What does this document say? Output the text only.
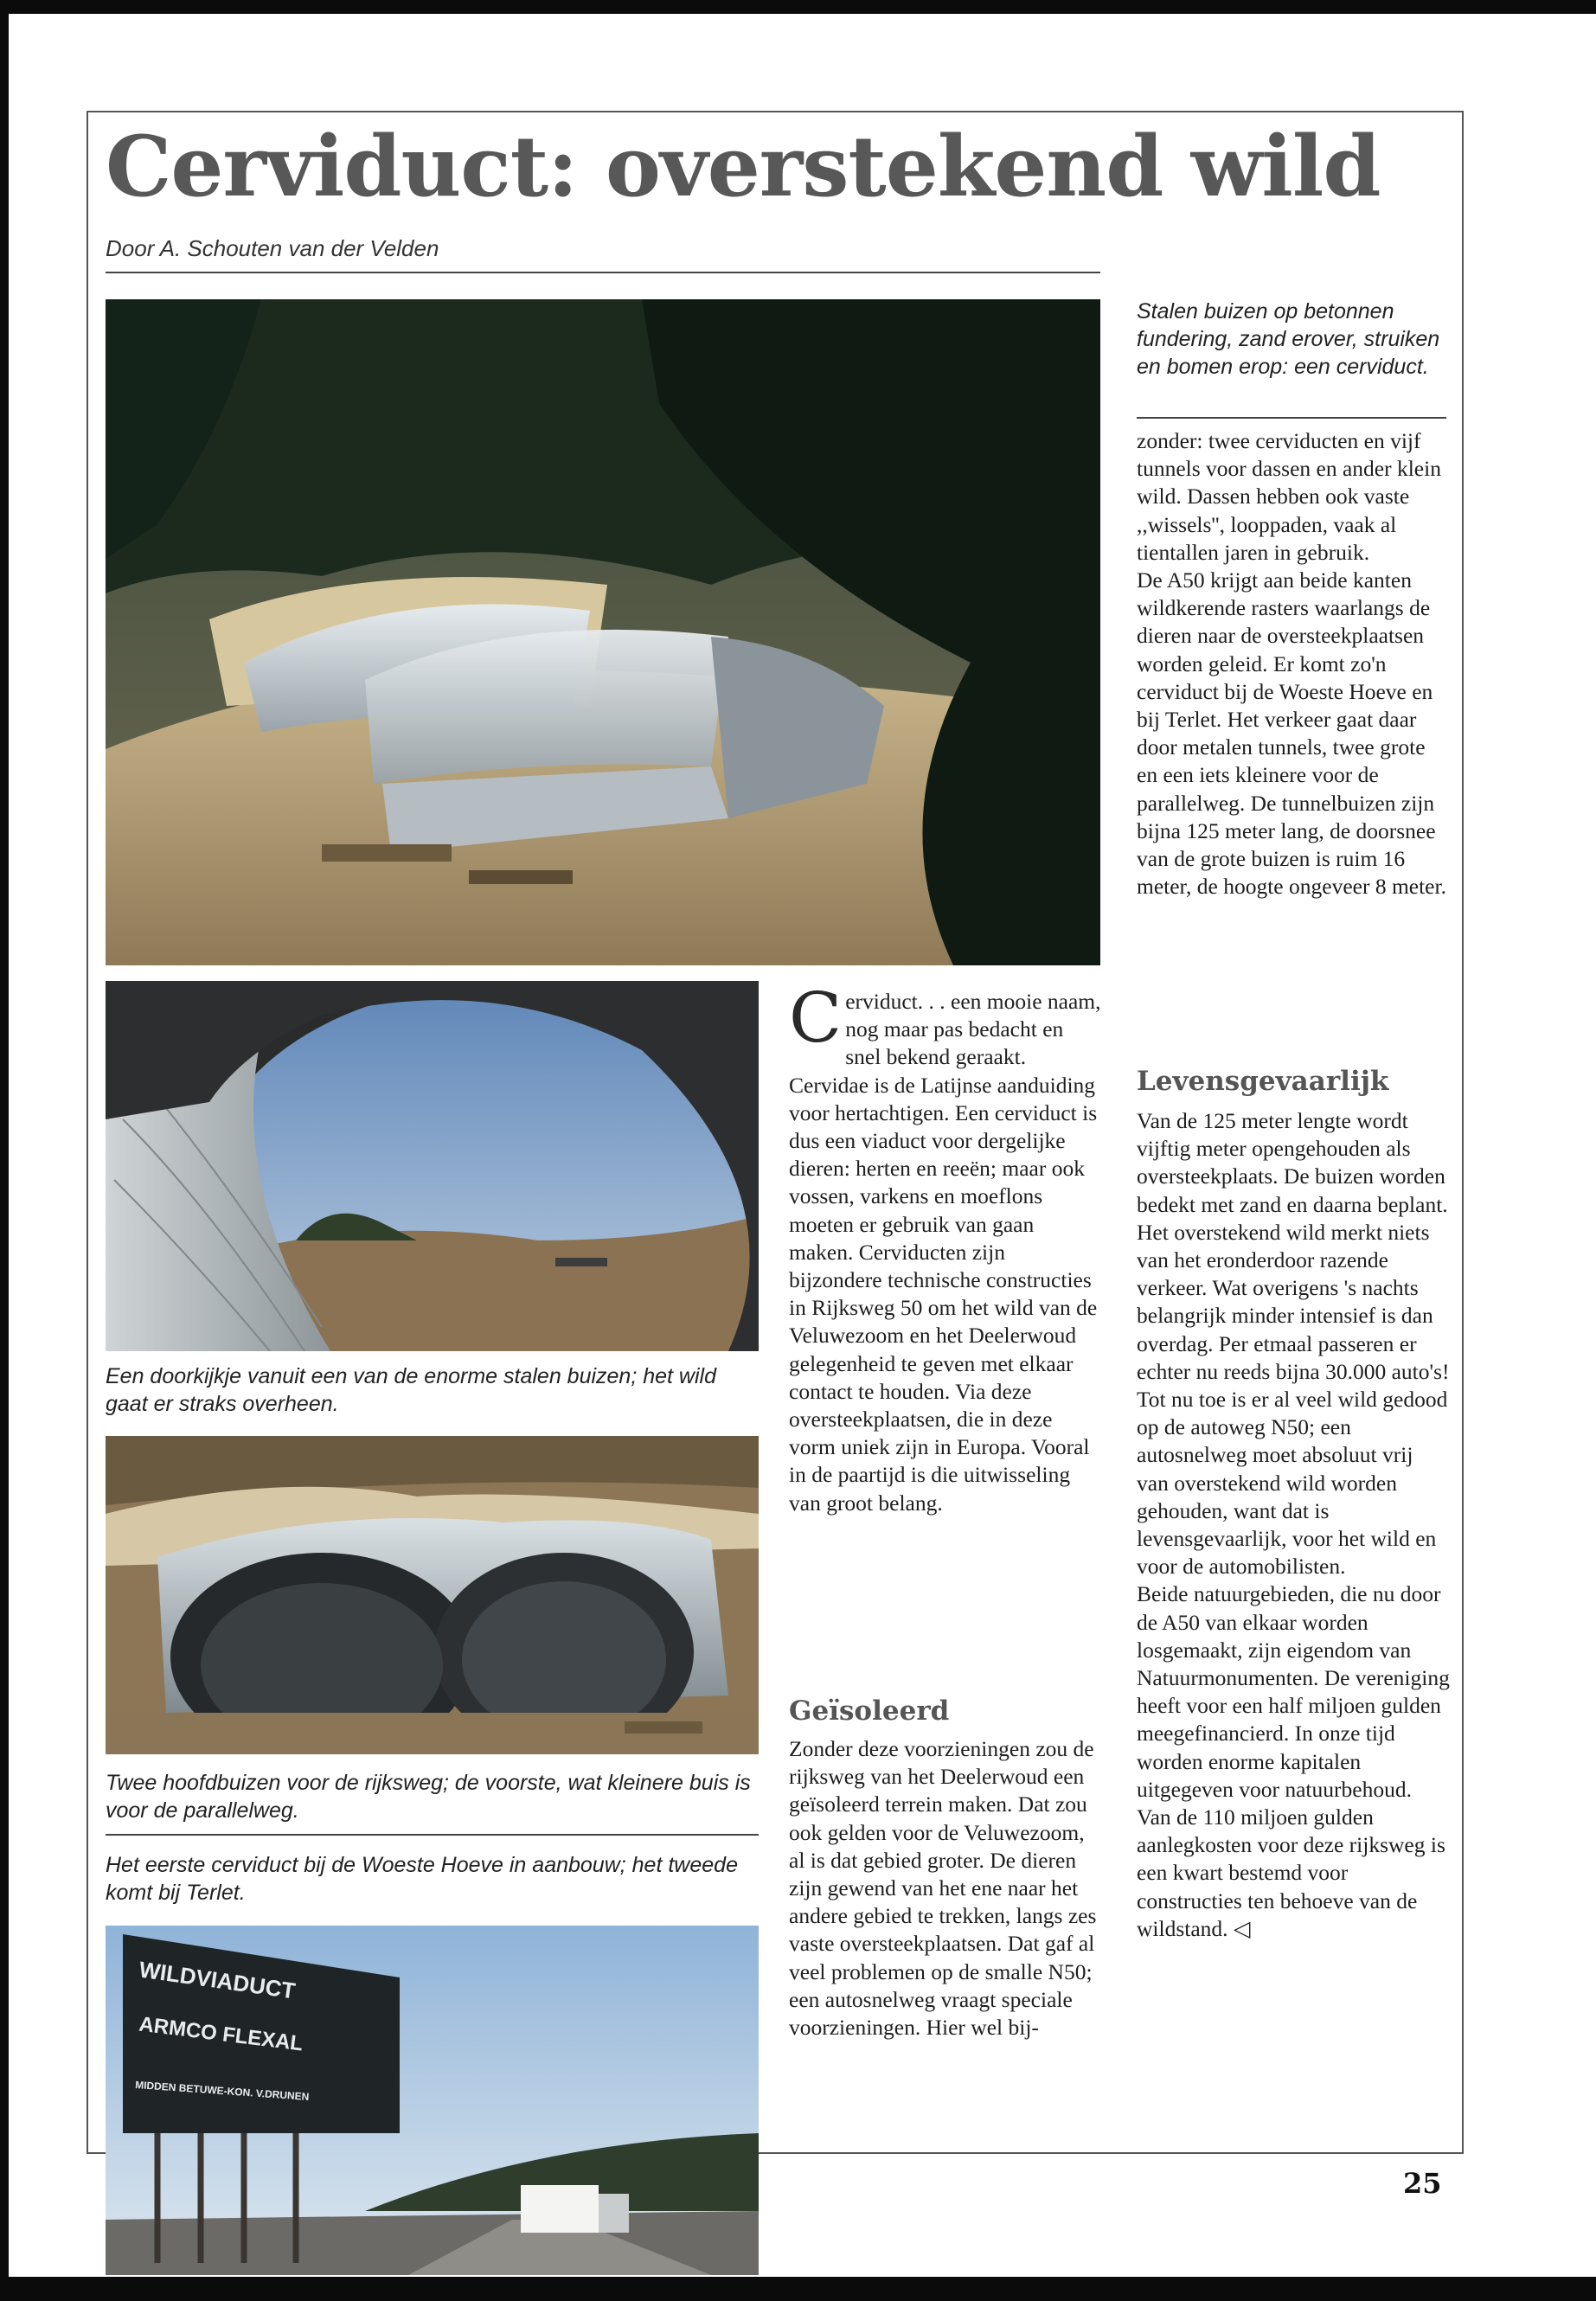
Cerviduct: overstekend wild
Door A. Schouten van der Velden
Stalen buizen op betonnen fundering, zand erover, struiken en bomen erop: een cerviduct.
Een doorkijkje vanuit een van de enorme stalen buizen; het wild gaat er straks overheen.
Twee hoofdbuizen voor de rijksweg; de voorste, wat kleinere buis is voor de parallelweg.
Het eerste cerviduct bij de Woeste Hoeve in aanbouw; het tweede komt bij Terlet.
WILDVIADUCT
ARMCO FLEXAL
MIDDEN BETUWE-KON. V.DRUNEN

Cerviduct. . . een mooie naam, nog maar pas bedacht en snel bekend geraakt. Cervidae is de Latijnse aanduiding voor hertachtigen. Een cerviduct is dus een viaduct voor dergelijke dieren: herten en reeën; maar ook vossen, varkens en moeflons moeten er gebruik van gaan maken. Cerviducten zijn bijzondere technische constructies in Rijksweg 50 om het wild van de Veluwezoom en het Deelerwoud gelegenheid te geven met elkaar contact te houden. Via deze oversteekplaatsen, die in deze vorm uniek zijn in Europa. Vooral in de paartijd is die uitwisseling van groot belang.

Geïsoleerd

Zonder deze voorzieningen zou de rijksweg van het Deelerwoud een geïsoleerd terrein maken. Dat zou ook gelden voor de Veluwezoom, al is dat gebied groter. De dieren zijn gewend van het ene naar het andere gebied te trekken, langs zes vaste oversteekplaatsen. Dat gaf al veel problemen op de smalle N50; een autosnelweg vraagt speciale voorzieningen. Hier wel bij-

zonder: twee cerviducten en vijf tunnels voor dassen en ander klein wild. Dassen hebben ook vaste ,,wissels'', looppaden, vaak al tientallen jaren in gebruik.

De A50 krijgt aan beide kanten wildkerende rasters waarlangs de dieren naar de oversteekplaatsen worden geleid. Er komt zo'n cerviduct bij de Woeste Hoeve en bij Terlet. Het verkeer gaat daar door metalen tunnels, twee grote en een iets kleinere voor de parallelweg. De tunnelbuizen zijn bijna 125 meter lang, de doorsnee van de grote buizen is ruim 16 meter, de hoogte ongeveer 8 meter.

Levensgevaarlijk

Van de 125 meter lengte wordt vijftig meter opengehouden als oversteekplaats. De buizen worden bedekt met zand en daarna beplant. Het overstekend wild merkt niets van het eronderdoor razende verkeer. Wat overigens 's nachts belangrijk minder intensief is dan overdag. Per etmaal passeren er echter nu reeds bijna 30.000 auto's! Tot nu toe is er al veel wild gedood op de autoweg N50; een autosnelweg moet absoluut vrij van overstekend wild worden gehouden, want dat is levensgevaarlijk, voor het wild en voor de automobilisten.

Beide natuurgebieden, die nu door de A50 van elkaar worden losgemaakt, zijn eigendom van Natuurmonumenten. De vereniging heeft voor een half miljoen gulden meegefinancierd. In onze tijd worden enorme kapitalen uitgegeven voor natuurbehoud. Van de 110 miljoen gulden aanlegkosten voor deze rijksweg is een kwart bestemd voor constructies ten behoeve van de wildstand. ◁

25
